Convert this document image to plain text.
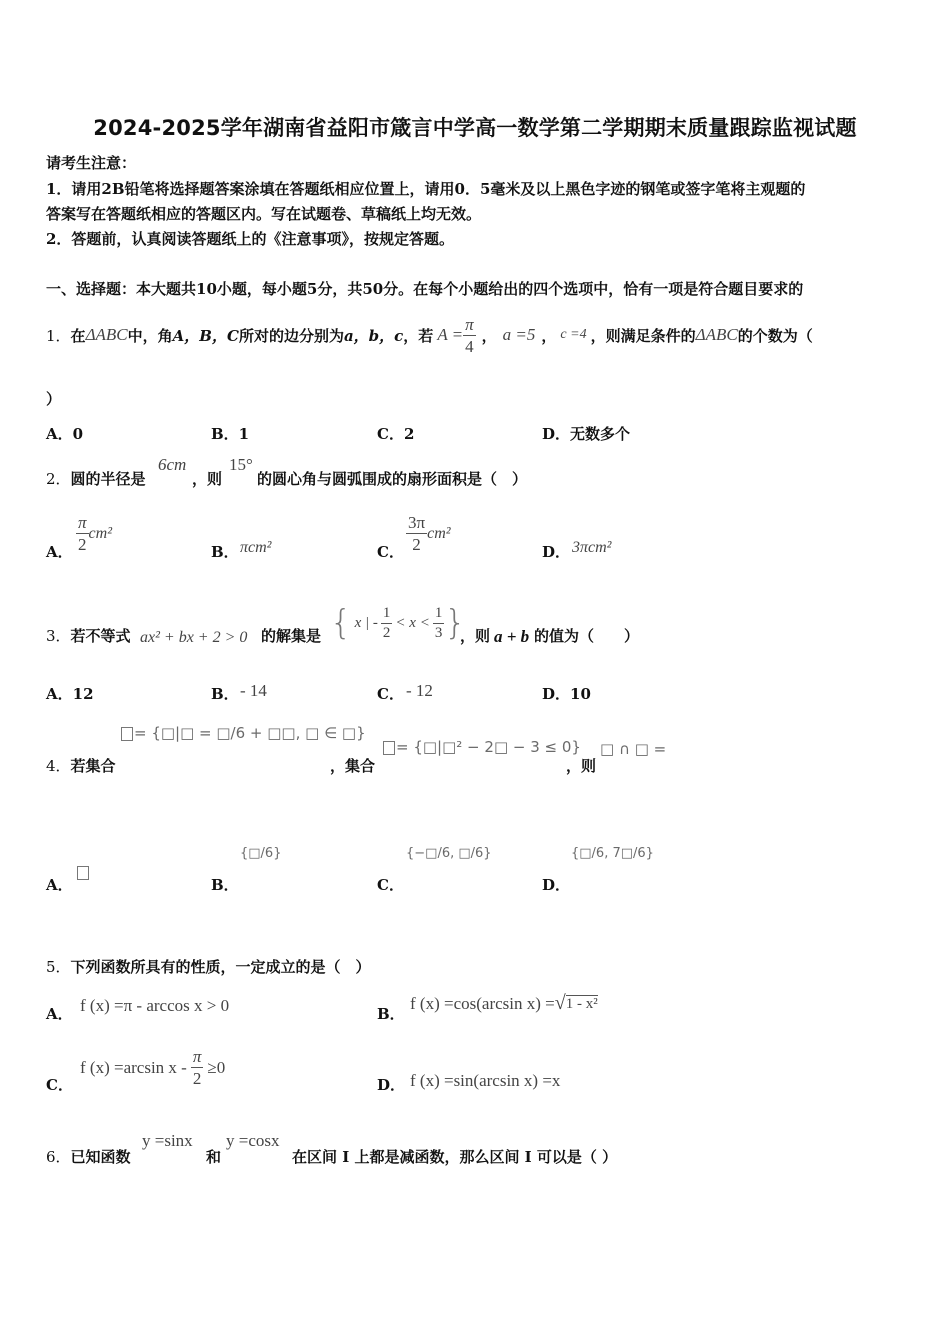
2024-2025学年湖南省益阳市箴言中学高一数学第二学期期末质量跟踪监视试题
请考生注意：
1．请用2B铅笔将选择题答案涂填在答题纸相应位置上，请用0．5毫米及以上黑色字迹的钢笔或签字笔将主观题的
答案写在答题纸相应的答题区内。写在试题卷、草稿纸上均无效。
2．答题前，认真阅读答题纸上的《注意事项》，按规定答题。
一、选择题：本大题共10小题，每小题5分，共50分。在每个小题给出的四个选项中，恰有一项是符合题目要求的
1． 在 ΔABC 中，角 A，B，C 所对的边分别为 a，b，c ，若 $A = \frac{\pi}{4}$ ， a =5 ， c =4 ，则满足条件的 ΔABC 的个数为（
）
A．0	B．1	C．2	D．无数多个
2．圆的半径是
6cm
，则
15°
的圆心角与圆弧围成的扇形面积是（　）
A． $\frac{\pi}{2} cm^2$
B． πcm²	C． $\frac{3\pi}{2} cm^2$
D． 3πcm²
3．若不等式 ax² + bx + 2 > 0 的解集是 { x | - $\frac{1}{2} < x < \frac{1}{3}$ }
，则 a + b 的值为（　　）
A．12	B． - 14	C． - 12	D．10
4．若集合
= {□|□ = □/6 + □□, □ ∈ □}
，集合
= {□|□² − 2□ − 3 ≤ 0}
，则
□ ∩ □ =
A．	B．
{□/6}
C．
{−□/6, □/6}
D．
{□/6, 7□/6}
5．下列函数所具有的性质，一定成立的是（　）
A． f (x) =π - arccos x > 0	B．
f (x) =cos(arcsin x) = √ 1 - x²
C．
f (x) =arcsin $x - \frac{\pi}{2} \ge 0$
D． f (x) =sin(arcsin x) =x
6．已知函数
y =sinx
和
y =cosx
在区间 I 上都是减函数，那么区间 I 可以是（ ）
